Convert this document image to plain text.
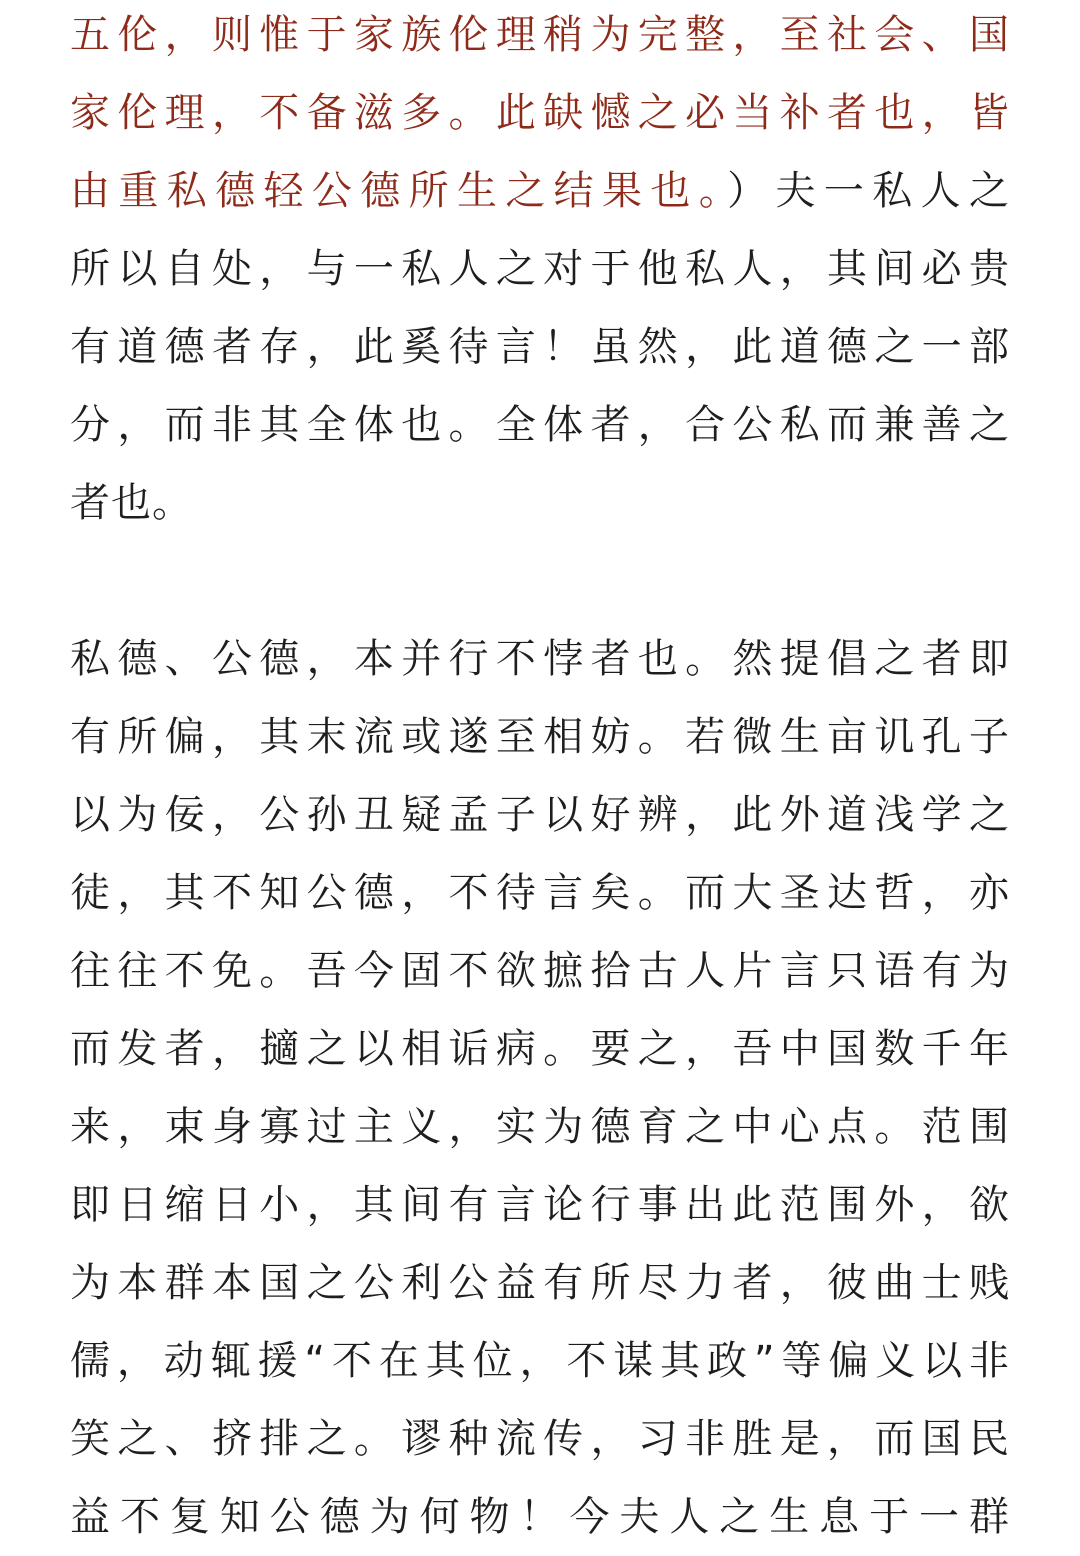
五伦，则惟于家族伦理稍为完整，至社会、国
家伦理，不备滋多。此缺憾之必当补者也，皆
由重私德轻公德所生之结果也。）夫一私人之
所以自处，与一私人之对于他私人，其间必贵
有道德者存，此奚待言！虽然，此道德之一部
分，而非其全体也。全体者，合公私而兼善之
者也。
私德、公德，本并行不悖者也。然提倡之者即
有所偏，其末流或遂至相妨。若微生亩讥孔子
以为佞，公孙丑疑孟子以好辨，此外道浅学之
徒，其不知公德，不待言矣。而大圣达哲，亦
往往不免。吾今固不欲摭拾古人片言只语有为
而发者，擿之以相诟病。要之，吾中国数千年
来，束身寡过主义，实为德育之中心点。范围
即日缩日小，其间有言论行事出此范围外，欲
为本群本国之公利公益有所尽力者，彼曲士贱
儒，动辄援“不在其位，不谋其政”等偏义以非
笑之、挤排之。谬种流传，习非胜是，而国民
益不复知公德为何物！今夫人之生息于一群
